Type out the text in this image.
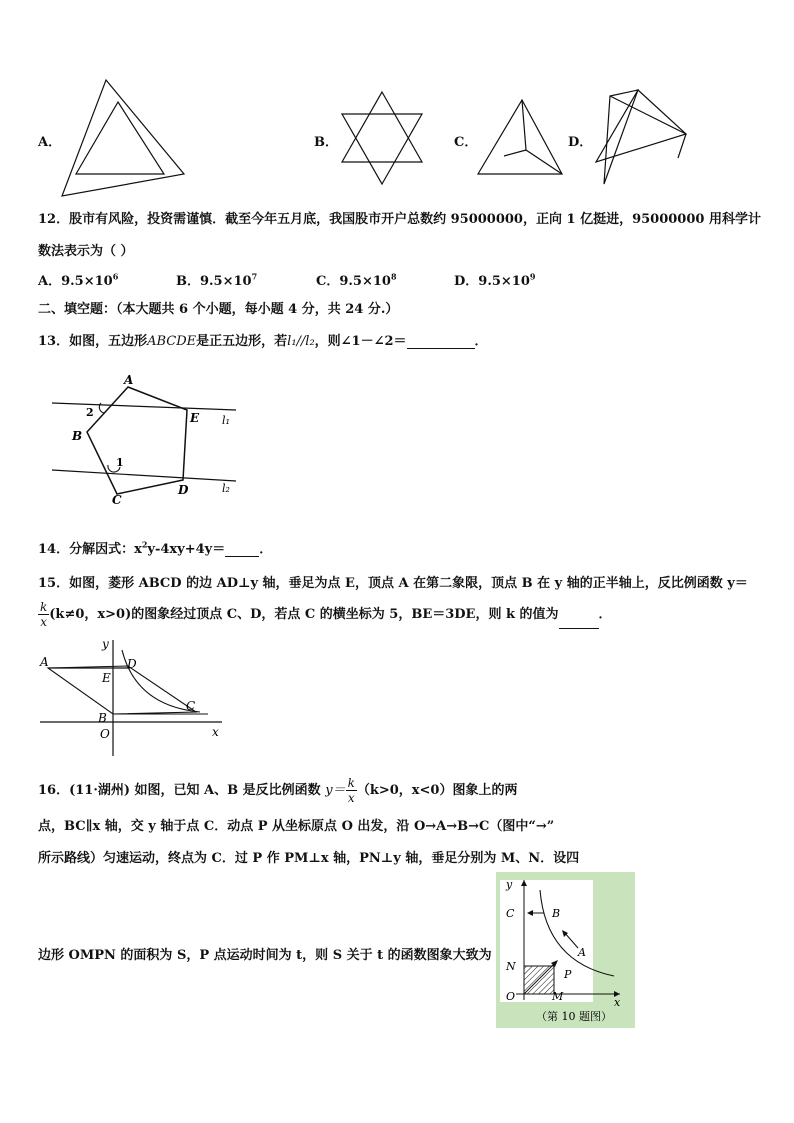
A．	B．	C．	D．
12．股市有风险，投资需谨慎．截至今年五月底，我国股市开户总数约 95000000，正向 1 亿挺进，95000000 用科学计
数法表示为（ ）
A．$9.5\times 10^6$	B．$9.5\times 10^7$	C．$9.5\times 10^8$	D．$9.5\times 10^9$
二、填空题：（本大题共 6 个小题，每小题 4 分，共 24 分.）
13．如图，五边形ABCDE是正五边形，若l₁//l₂，则∠1－∠2＝	．
A
B
C
D
E
1
2
l₁
l₂
14．分解因式：$x^2y-4xy+4y=$	．
15．如图，菱形 ABCD 的边 AD⊥y 轴，垂足为点 E，顶点 A 在第二象限，顶点 B 在 y 轴的正半轴上，反比例函数 y＝
$\frac{k}{x} (k\ne 0$，x>0)的图象经过顶点 C、D，若点 C 的横坐标为 5，BE＝3DE，则 k 的值为	．
A	D
E
B
C
O	x
y
16．(11·湖州) 如图，已知 A、B 是反比例函数 $y= \frac{k}{x} (k>0$，x<0）图象上的两
点，BC∥x 轴，交 y 轴于点 C．动点 P 从坐标原点 O 出发，沿 O→A→B→C（图中“→”
所示路线）匀速运动，终点为 C．过 P 作 PM⊥x 轴，PN⊥y 轴，垂足分别为 M、N．设四
边形 OMPN 的面积为 S，P 点运动时间为 t，则 S 关于 t 的函数图象大致为
y
x
C	B
A
N
P
O	M
（第 10 题图）
